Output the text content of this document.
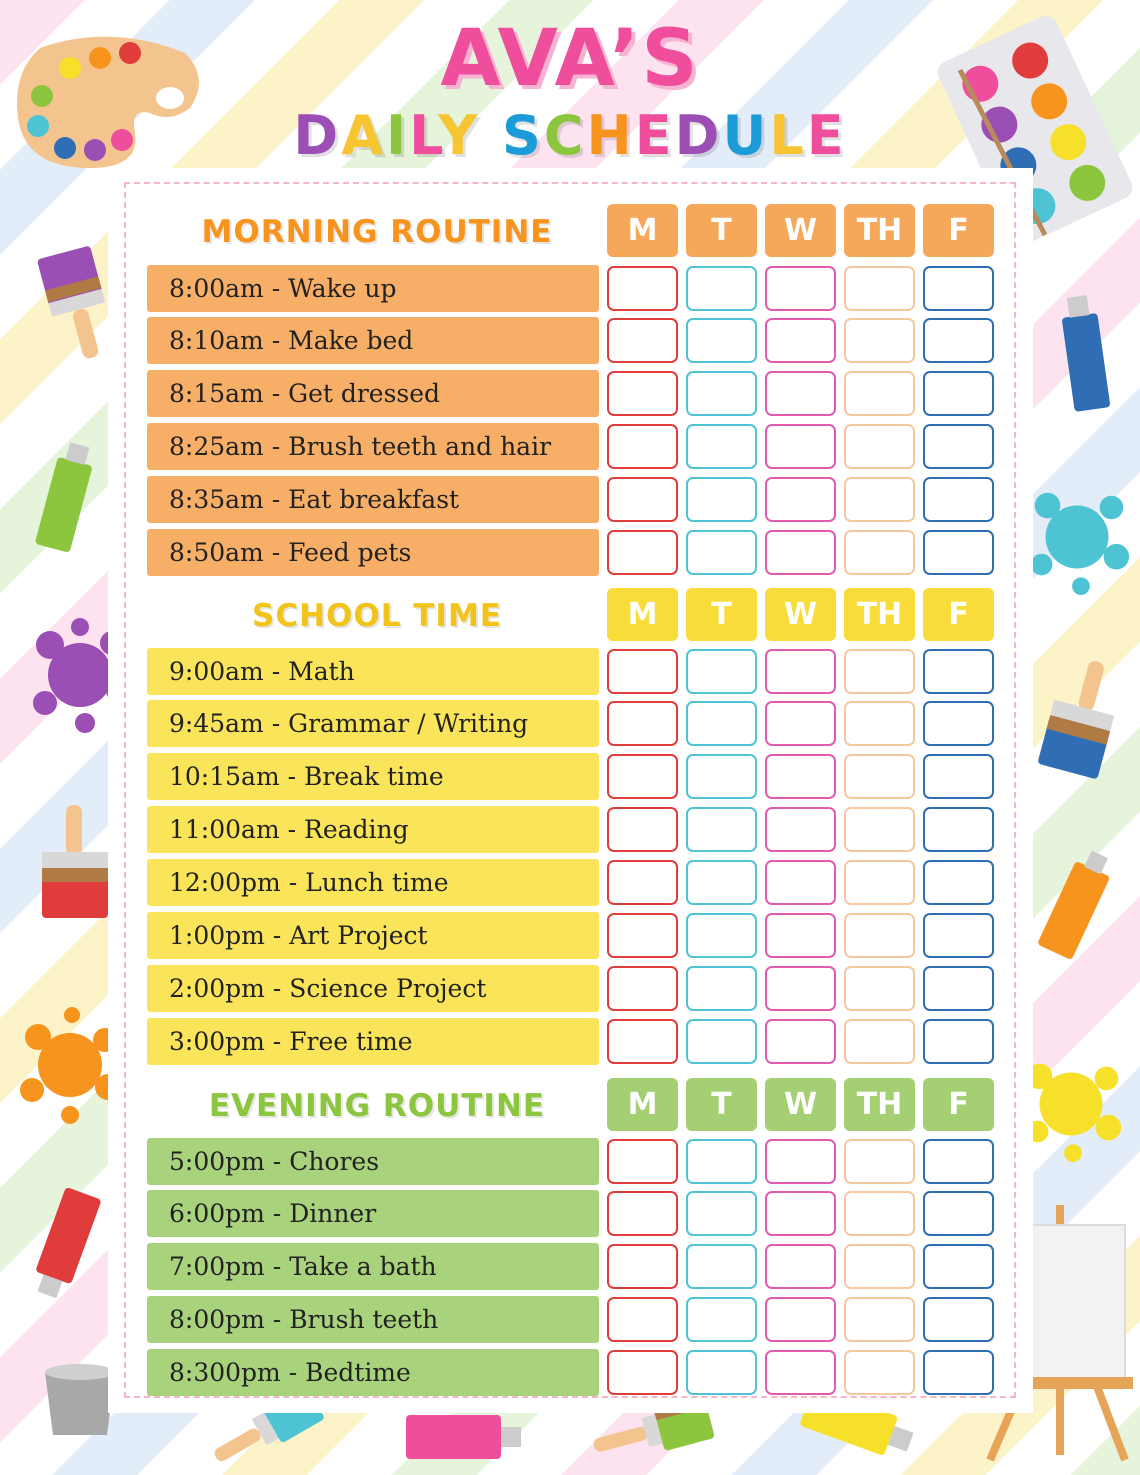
AVA’S
DAILY SCHEDULE
MORNING ROUTINE	M	T	W	TH	F
8:00am - Wake up
8:10am - Make bed
8:15am - Get dressed
8:25am - Brush teeth and hair
8:35am - Eat breakfast
8:50am - Feed pets
SCHOOL TIME	M	T	W	TH	F
9:00am - Math
9:45am - Grammar / Writing
10:15am - Break time
11:00am - Reading
12:00pm - Lunch time
1:00pm - Art Project
2:00pm - Science Project
3:00pm - Free time
EVENING ROUTINE	M	T	W	TH	F
5:00pm - Chores
6:00pm - Dinner
7:00pm - Take a bath
8:00pm - Brush teeth
8:300pm - Bedtime
